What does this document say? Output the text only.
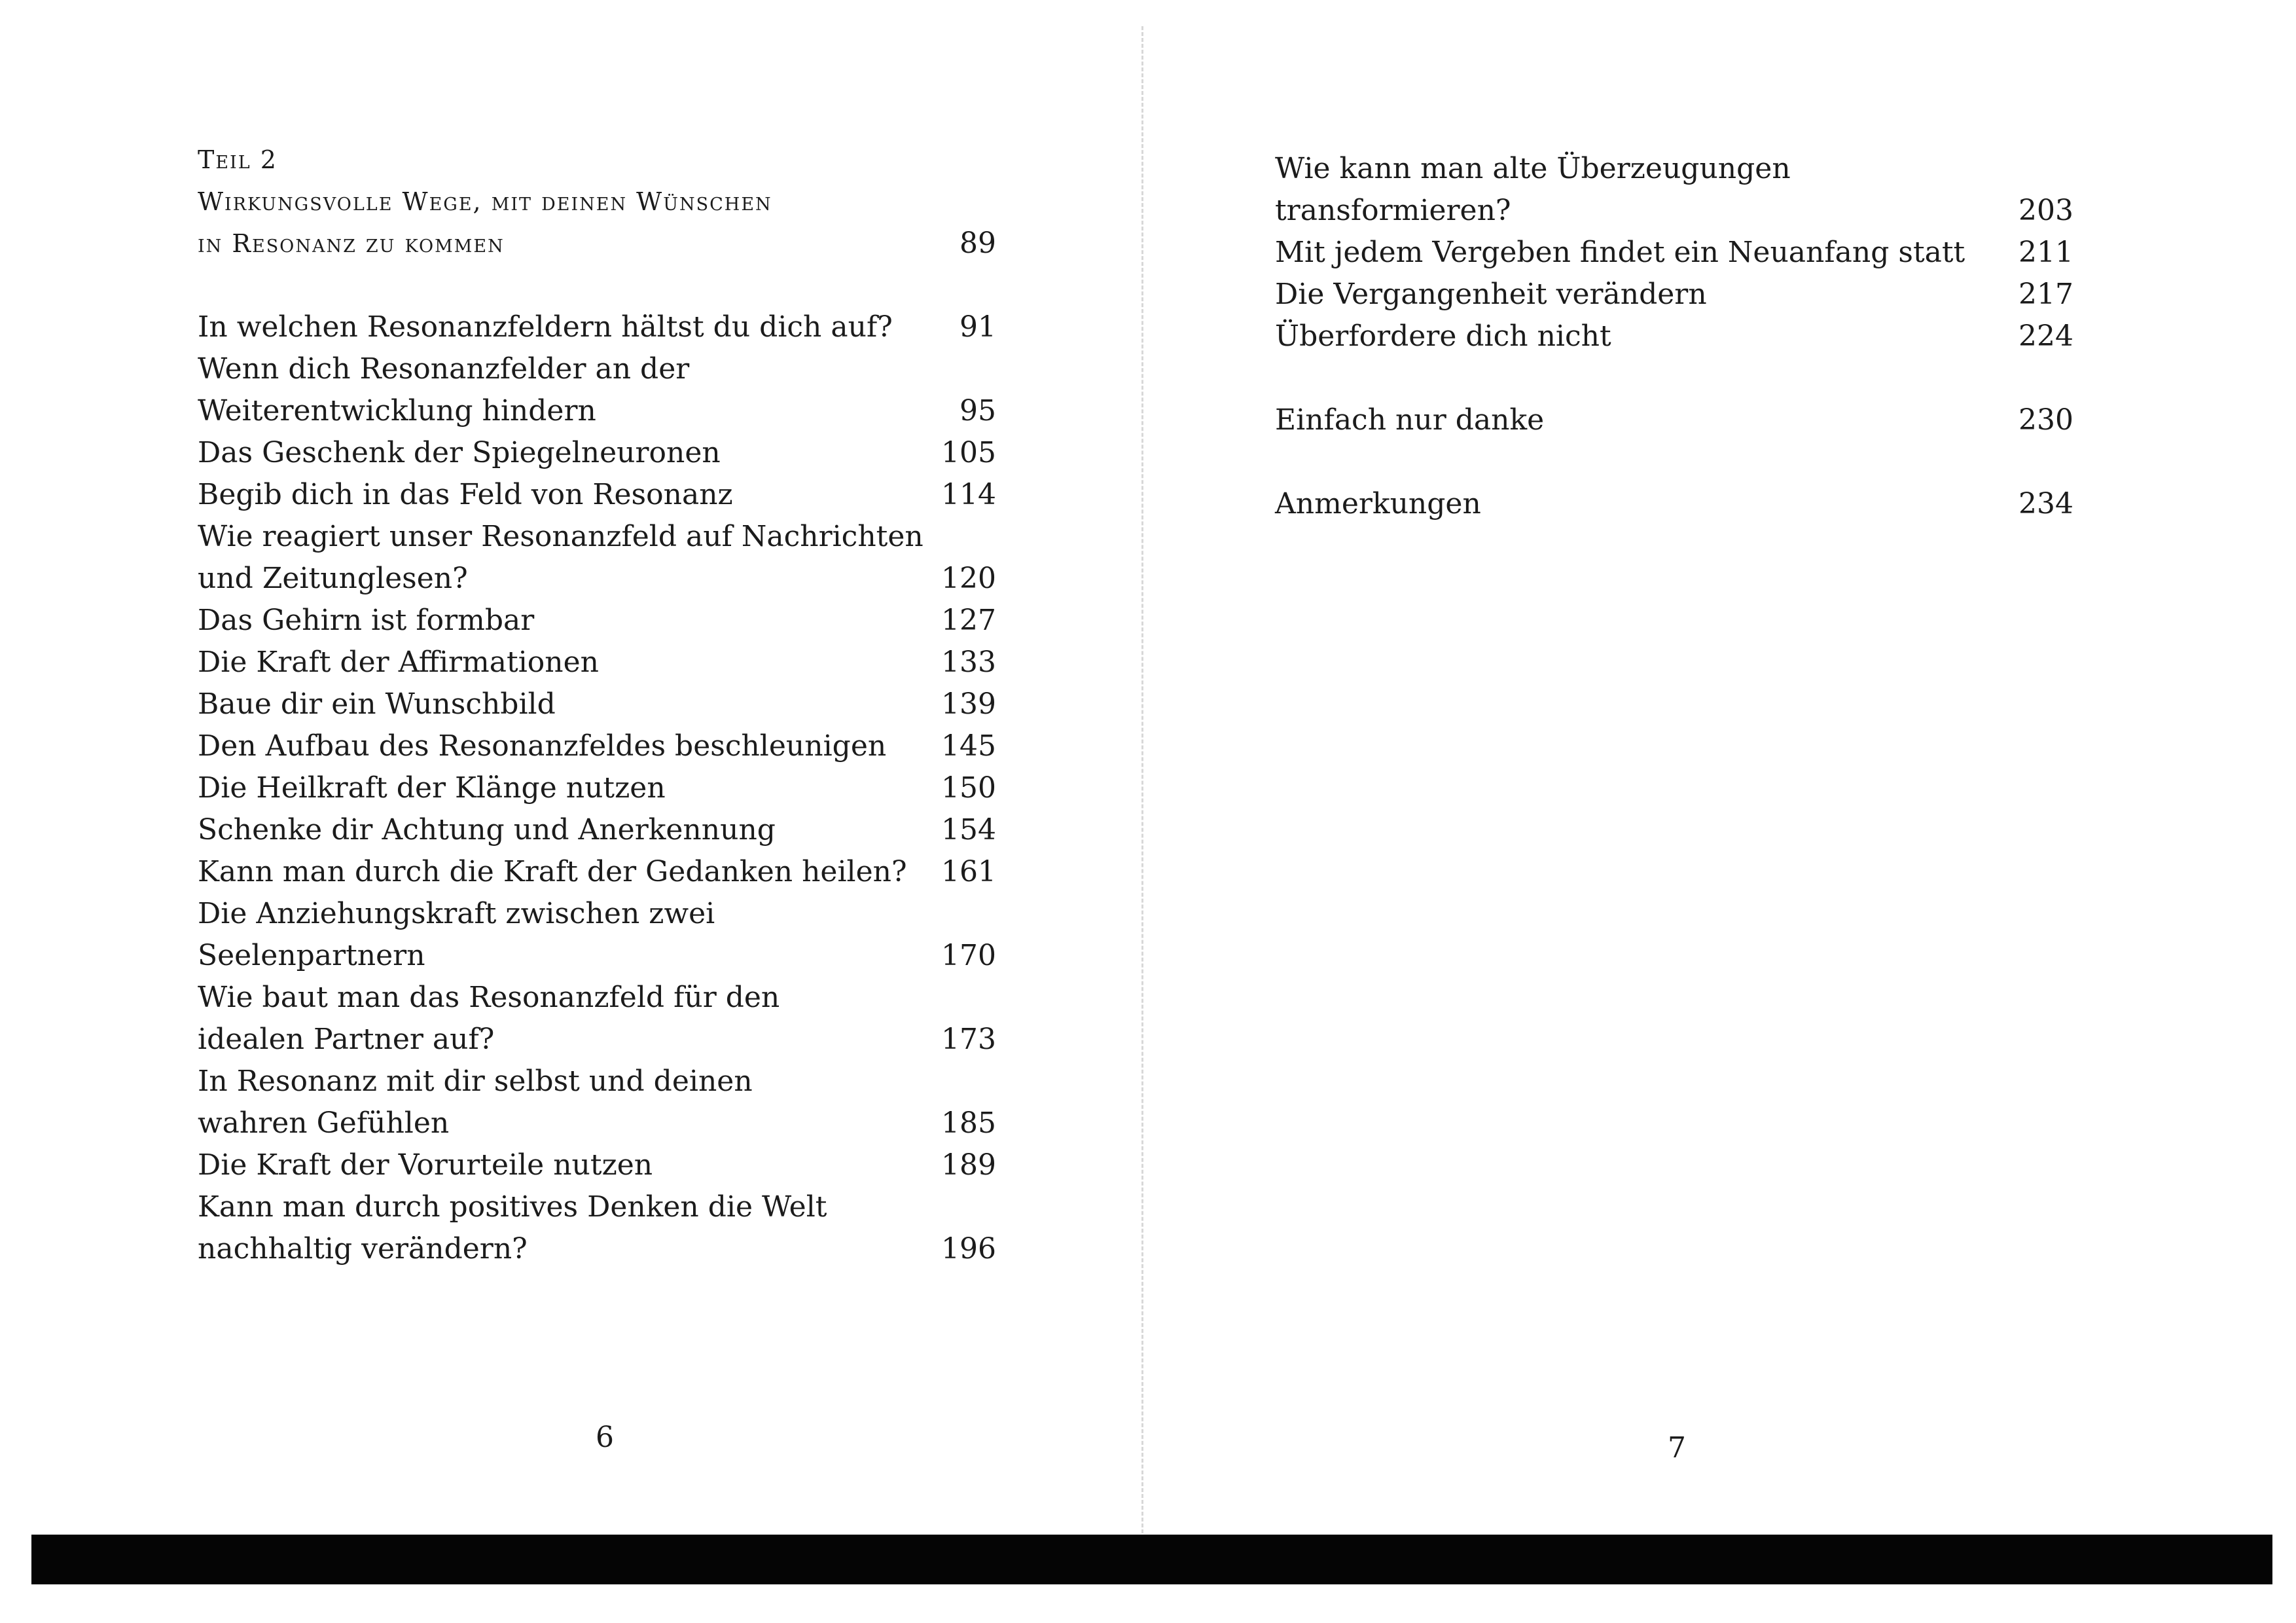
Teil 2
Wirkungsvolle Wege, mit deinen Wünschen
in Resonanz zu kommen	89
In welchen Resonanzfeldern hältst du dich auf?	91
Wenn dich Resonanzfelder an der
Weiterentwicklung hindern	95
Das Geschenk der Spiegelneuronen	105
Begib dich in das Feld von Resonanz	114
Wie reagiert unser Resonanzfeld auf Nachrichten
und Zeitunglesen?	120
Das Gehirn ist formbar	127
Die Kraft der Affirmationen	133
Baue dir ein Wunschbild	139
Den Aufbau des Resonanzfeldes beschleunigen	145
Die Heilkraft der Klänge nutzen	150
Schenke dir Achtung und Anerkennung	154
Kann man durch die Kraft der Gedanken heilen?	161
Die Anziehungskraft zwischen zwei Seelenpartnern	170
Wie baut man das Resonanzfeld für den
idealen Partner auf?	173
In Resonanz mit dir selbst und deinen
wahren Gefühlen	185
Die Kraft der Vorurteile nutzen	189
Kann man durch positives Denken die Welt
nachhaltig verändern?	196
6
Wie kann man alte Überzeugungen transformieren?	203
Mit jedem Vergeben findet ein Neuanfang statt	211
Die Vergangenheit verändern	217
Überfordere dich nicht	224
Einfach nur danke	230
Anmerkungen	234
7
